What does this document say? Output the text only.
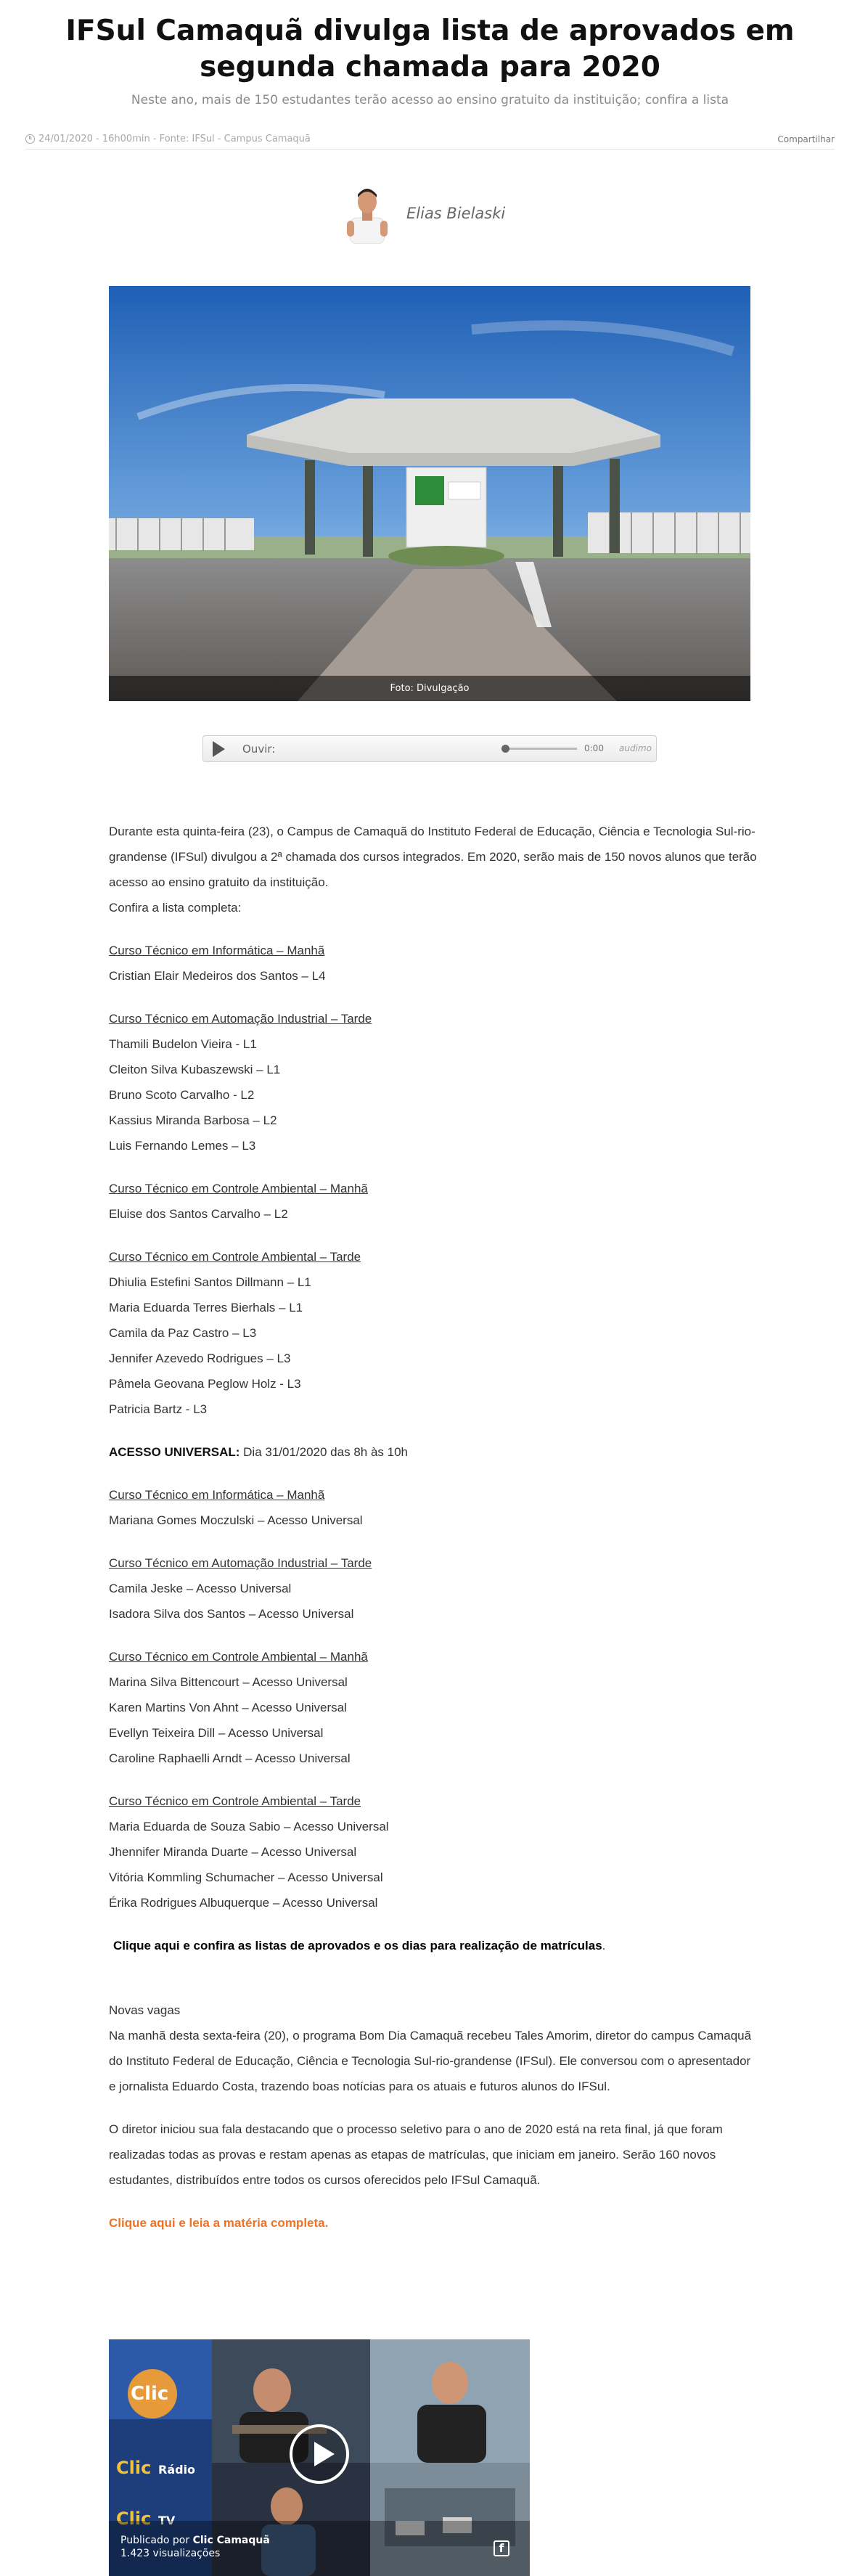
IFSul Camaquã divulga lista de aprovados em segunda chamada para 2020
Neste ano, mais de 150 estudantes terão acesso ao ensino gratuito da instituição; confira a lista
24/01/2020 - 16h00min - Fonte: IFSul - Campus Camaquã	Compartilhar
Elias Bielaski
Foto: Divulgação
Ouvir:	0:00 audimo

Durante esta quinta-feira (23), o Campus de Camaquã do Instituto Federal de Educação, Ciência e Tecnologia Sul-rio-grandense (IFSul) divulgou a 2ª chamada dos cursos integrados. Em 2020, serão mais de 150 novos alunos que terão acesso ao ensino gratuito da instituição.

Confira a lista completa:

Curso Técnico em Informática – Manhã

Cristian Elair Medeiros dos Santos – L4

Curso Técnico em Automação Industrial – Tarde

Thamili Budelon Vieira - L1

Cleiton Silva Kubaszewski – L1

Bruno Scoto Carvalho - L2

Kassius Miranda Barbosa – L2

Luis Fernando Lemes – L3

Curso Técnico em Controle Ambiental – Manhã

Eluise dos Santos Carvalho – L2

Curso Técnico em Controle Ambiental – Tarde

Dhiulia Estefini Santos Dillmann – L1

Maria Eduarda Terres Bierhals – L1

Camila da Paz Castro – L3

Jennifer Azevedo Rodrigues – L3

Pâmela Geovana Peglow Holz - L3

Patricia Bartz - L3

ACESSO UNIVERSAL: Dia 31/01/2020 das 8h às 10h

Curso Técnico em Informática – Manhã

Mariana Gomes Moczulski – Acesso Universal

Curso Técnico em Automação Industrial – Tarde

Camila Jeske – Acesso Universal

Isadora Silva dos Santos – Acesso Universal

Curso Técnico em Controle Ambiental – Manhã

Marina Silva Bittencourt – Acesso Universal

Karen Martins Von Ahnt – Acesso Universal

Evellyn Teixeira Dill – Acesso Universal

Caroline Raphaelli Arndt – Acesso Universal

Curso Técnico em Controle Ambiental – Tarde

Maria Eduarda de Souza Sabio – Acesso Universal

Jhennifer Miranda Duarte – Acesso Universal

Vitória Kommling Schumacher – Acesso Universal

Érika Rodrigues Albuquerque – Acesso Universal

Clique aqui e confira as listas de aprovados e os dias para realização de matrículas.

Novas vagas

Na manhã desta sexta-feira (20), o programa Bom Dia Camaquã recebeu Tales Amorim, diretor do campus Camaquã do Instituto Federal de Educação, Ciência e Tecnologia Sul-rio-grandense (IFSul). Ele conversou com o apresentador e jornalista Eduardo Costa, trazendo boas notícias para os atuais e futuros alunos do IFSul.

O diretor iniciou sua fala destacando que o processo seletivo para o ano de 2020 está na reta final, já que foram realizadas todas as provas e restam apenas as etapas de matrículas, que iniciam em janeiro. Serão 160 novos estudantes, distribuídos entre todos os cursos oferecidos pelo IFSul Camaquã.

Clique aqui e leia a matéria completa.

Clic
Clic Rádio
Clic TV
Publicado por Clic Camaquã
1.423 visualizações	f
